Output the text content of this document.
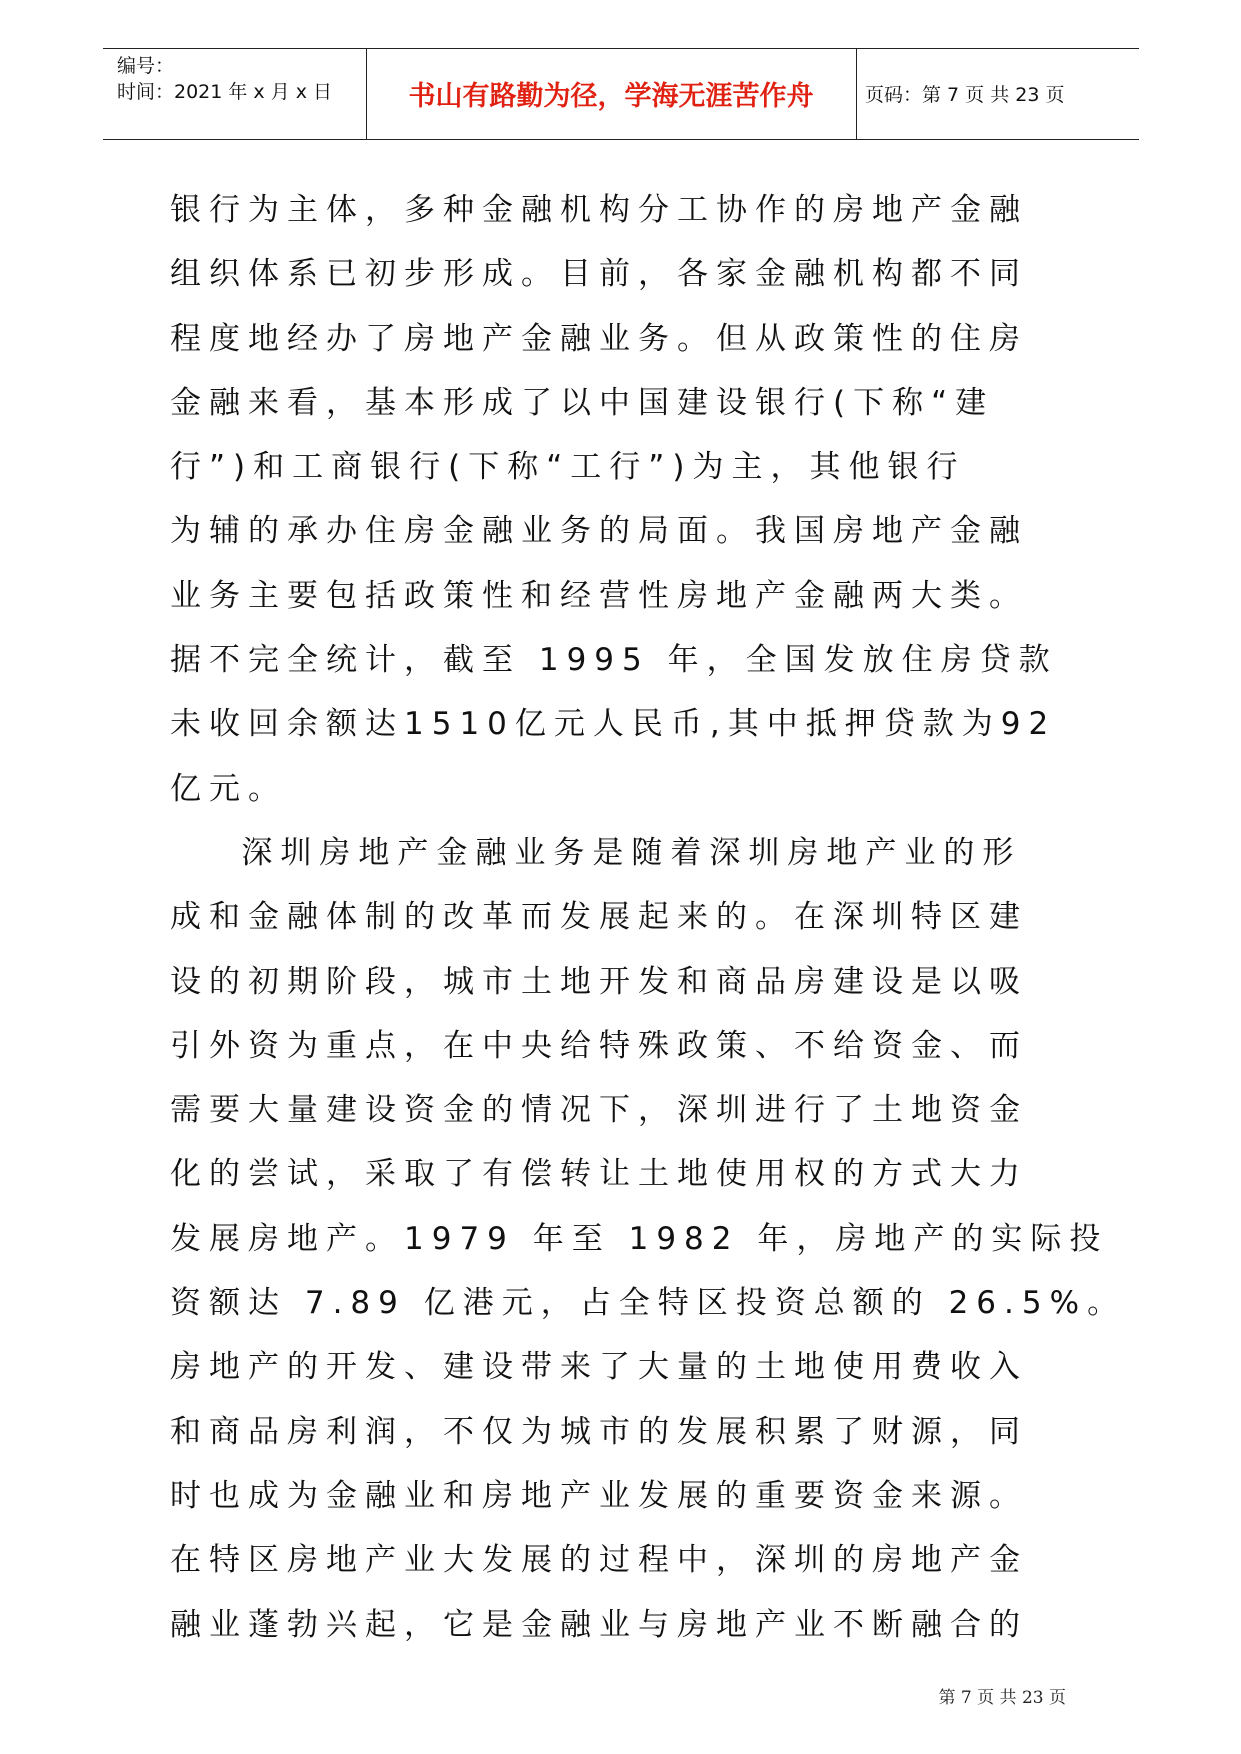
编号：
时间：2021 年 x 月 x 日	书山有路勤为径，学海无涯苦作舟	页码：第 7 页 共 23 页

银行为主体，多种金融机构分工协作的房地产金融

组织体系已初步形成。目前，各家金融机构都不同

程度地经办了房地产金融业务。但从政策性的住房

金融来看，基本形成了以中国建设银行(下称“建

行”)和工商银行(下称“工行”)为主，其他银行

为辅的承办住房金融业务的局面。我国房地产金融

业务主要包括政策性和经营性房地产金融两大类。

据不完全统计，截至 1995 年，全国发放住房贷款

未收回余额达1510亿元人民币,其中抵押贷款为92

亿元。

深圳房地产金融业务是随着深圳房地产业的形

成和金融体制的改革而发展起来的。在深圳特区建

设的初期阶段，城市土地开发和商品房建设是以吸

引外资为重点，在中央给特殊政策、不给资金、而

需要大量建设资金的情况下，深圳进行了土地资金

化的尝试，采取了有偿转让土地使用权的方式大力

发展房地产。1979 年至 1982 年，房地产的实际投

资额达 7.89 亿港元，占全特区投资总额的 26.5%。

房地产的开发、建设带来了大量的土地使用费收入

和商品房利润，不仅为城市的发展积累了财源，同

时也成为金融业和房地产业发展的重要资金来源。

在特区房地产业大发展的过程中，深圳的房地产金

融业蓬勃兴起，它是金融业与房地产业不断融合的

第 7 页 共 23 页
